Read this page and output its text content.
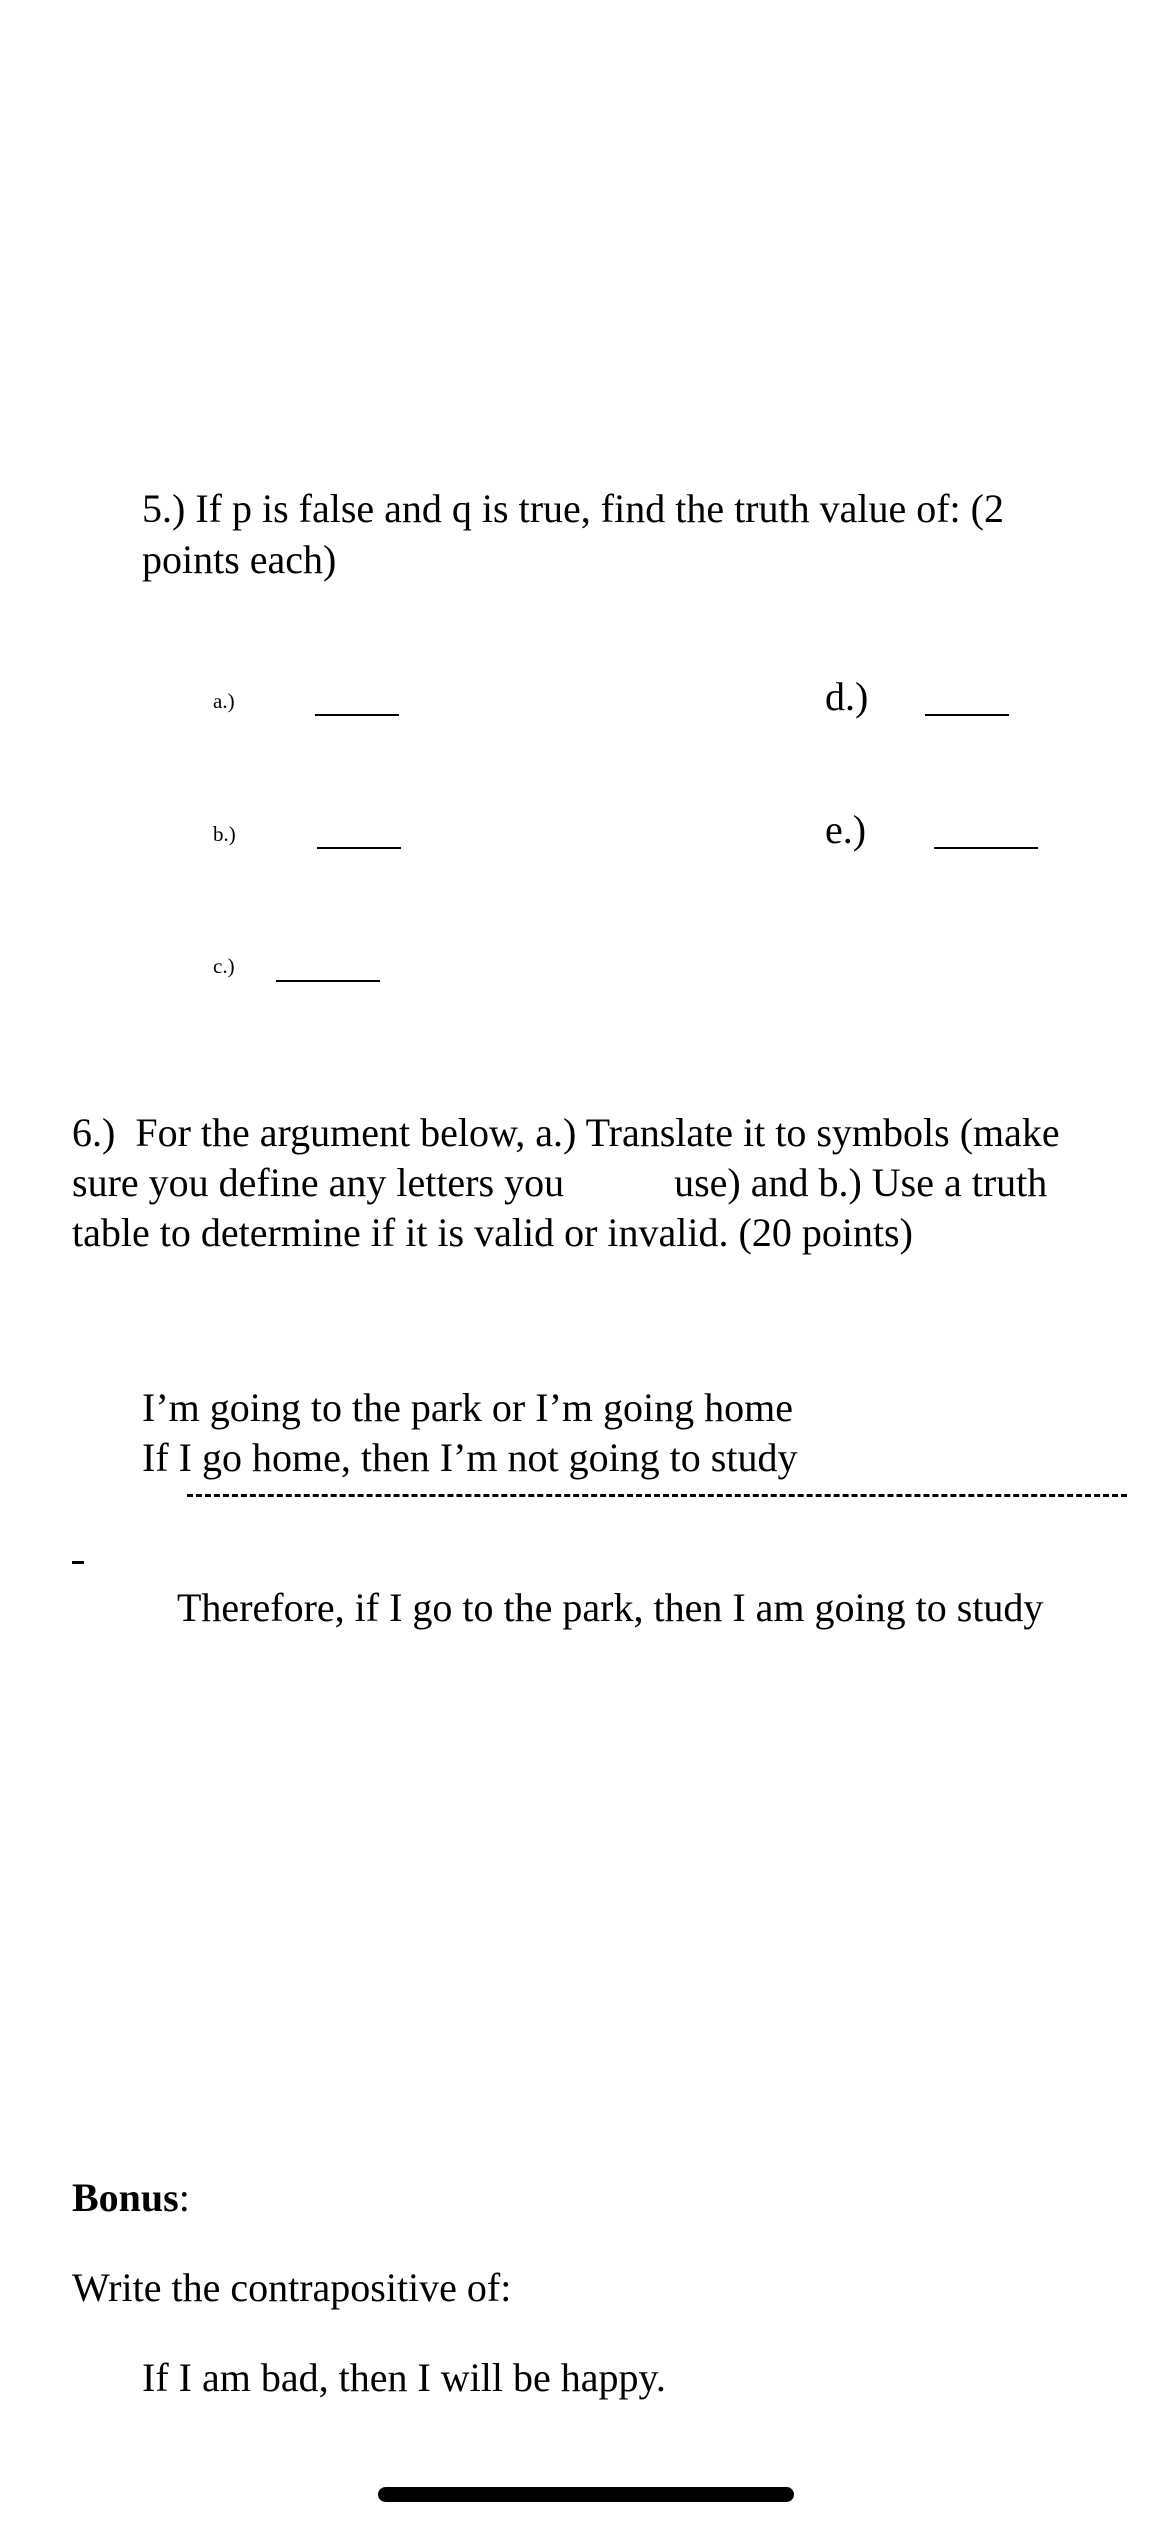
5.) If p is false and q is true, find the truth value of: (2 points each)
a.)
b.)
c.)
d.)
e.)
6.)  For the argument below, a.) Translate it to symbols (make
sure you define any letters you           use) and b.) Use a truth
table to determine if it is valid or invalid. (20 points)
I’m going to the park or I’m going home
If I go home, then I’m not going to study
Therefore, if I go to the park, then I am going to study
Bonus:
Write the contrapositive of:
If I am bad, then I will be happy.
